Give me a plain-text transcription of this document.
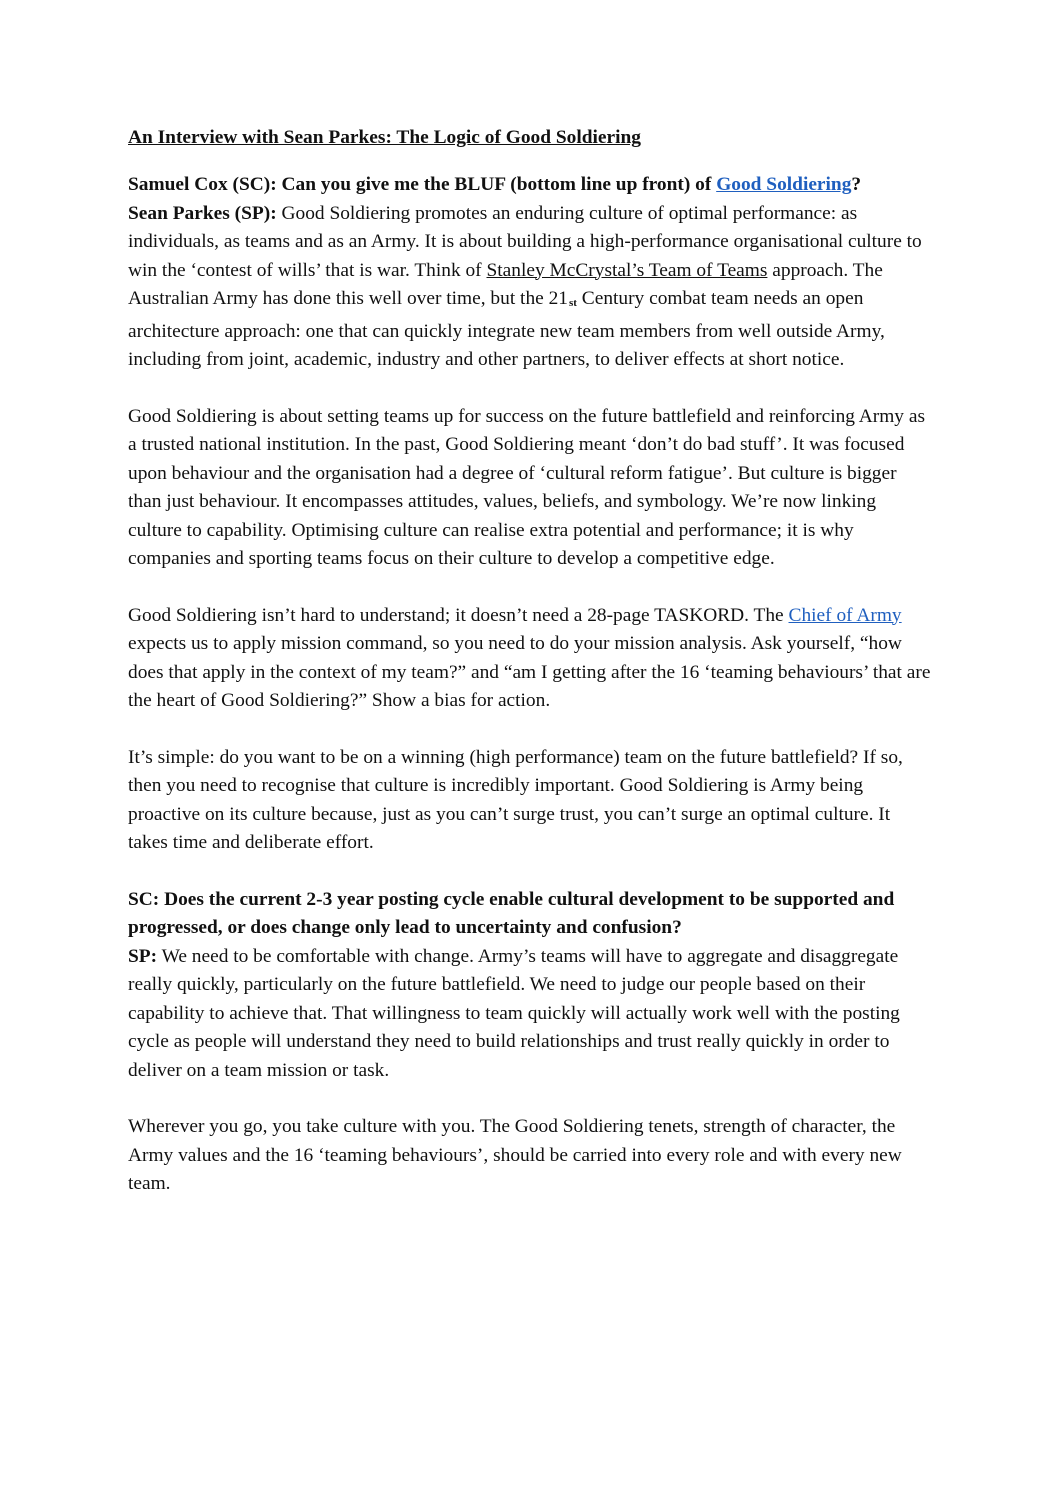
An Interview with Sean Parkes: The Logic of Good Soldiering
Samuel Cox (SC): Can you give me the BLUF (bottom line up front) of Good Soldiering?
Sean Parkes (SP): Good Soldiering promotes an enduring culture of optimal performance: as individuals, as teams and as an Army. It is about building a high-performance organisational culture to win the ‘contest of wills’ that is war. Think of Stanley McCrystal’s Team of Teams approach. The Australian Army has done this well over time, but the 21st Century combat team needs an open architecture approach: one that can quickly integrate new team members from well outside Army, including from joint, academic, industry and other partners, to deliver effects at short notice.
Good Soldiering is about setting teams up for success on the future battlefield and reinforcing Army as a trusted national institution. In the past, Good Soldiering meant ‘don’t do bad stuff’. It was focused upon behaviour and the organisation had a degree of ‘cultural reform fatigue’. But culture is bigger than just behaviour. It encompasses attitudes, values, beliefs, and symbology. We’re now linking culture to capability. Optimising culture can realise extra potential and performance; it is why companies and sporting teams focus on their culture to develop a competitive edge.
Good Soldiering isn’t hard to understand; it doesn’t need a 28-page TASKORD. The Chief of Army expects us to apply mission command, so you need to do your mission analysis. Ask yourself, “how does that apply in the context of my team?” and “am I getting after the 16 ‘teaming behaviours’ that are the heart of Good Soldiering?” Show a bias for action.
It’s simple: do you want to be on a winning (high performance) team on the future battlefield? If so, then you need to recognise that culture is incredibly important. Good Soldiering is Army being proactive on its culture because, just as you can’t surge trust, you can’t surge an optimal culture. It takes time and deliberate effort.
SC: Does the current 2-3 year posting cycle enable cultural development to be supported and progressed, or does change only lead to uncertainty and confusion?
SP: We need to be comfortable with change. Army’s teams will have to aggregate and disaggregate really quickly, particularly on the future battlefield. We need to judge our people based on their capability to achieve that. That willingness to team quickly will actually work well with the posting cycle as people will understand they need to build relationships and trust really quickly in order to deliver on a team mission or task.
Wherever you go, you take culture with you. The Good Soldiering tenets, strength of character, the Army values and the 16 ‘teaming behaviours’, should be carried into every role and with every new team.
